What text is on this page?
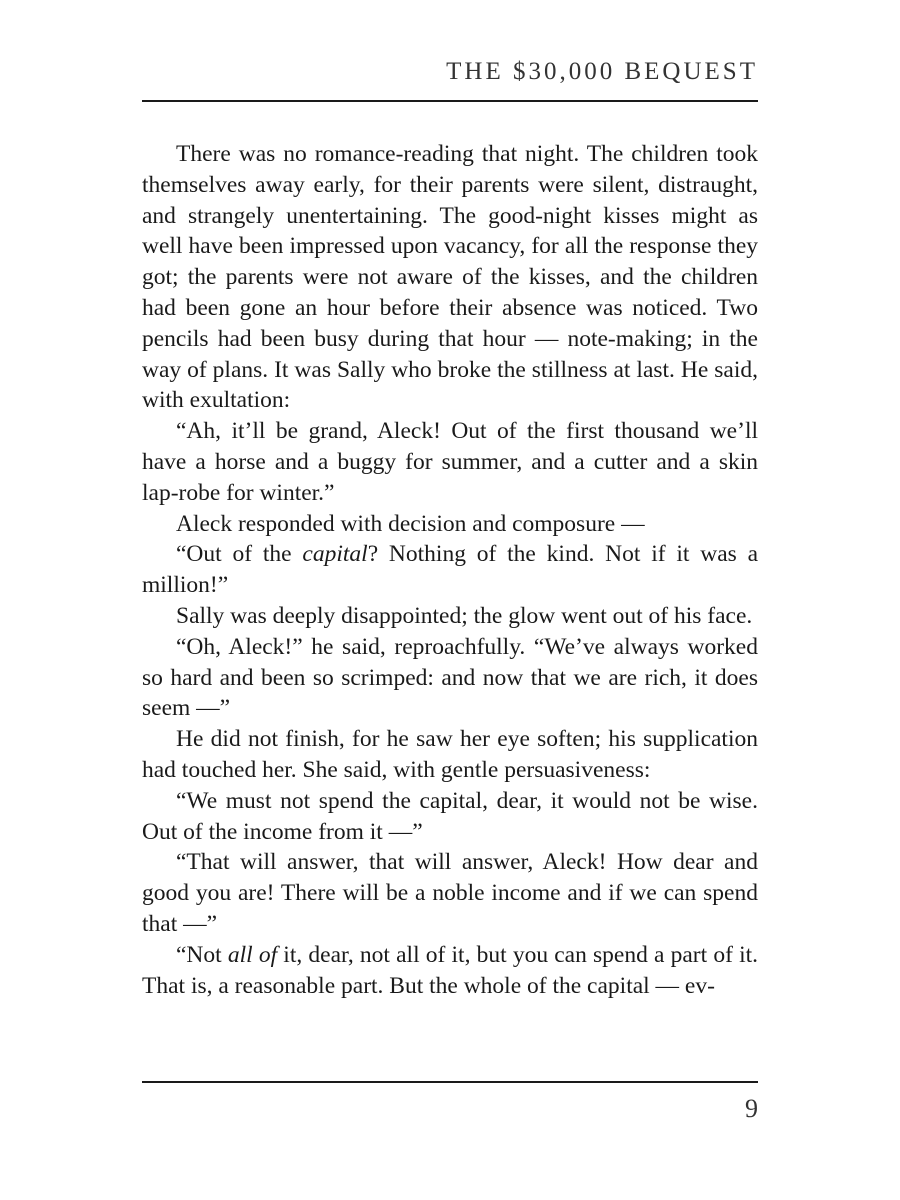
THE $30,000 BEQUEST

There was no romance-reading that night. The children took themselves away early, for their parents were silent, distraught, and strangely unentertaining. The good-night kisses might as well have been impressed upon vacancy, for all the response they got; the parents were not aware of the kisses, and the children had been gone an hour before their absence was noticed. Two pencils had been busy during that hour — note-making; in the way of plans. It was Sally who broke the stillness at last. He said, with exultation:

“Ah, it’ll be grand, Aleck! Out of the first thousand we’ll have a horse and a buggy for summer, and a cutter and a skin lap-robe for winter.”

Aleck responded with decision and composure —

“Out of the capital? Nothing of the kind. Not if it was a million!”

Sally was deeply disappointed; the glow went out of his face.

“Oh, Aleck!” he said, reproachfully. “We’ve always worked so hard and been so scrimped: and now that we are rich, it does seem —”

He did not finish, for he saw her eye soften; his supplication had touched her. She said, with gentle persuasiveness:

“We must not spend the capital, dear, it would not be wise. Out of the income from it —”

“That will answer, that will answer, Aleck! How dear and good you are! There will be a noble income and if we can spend that —”

“Not all of it, dear, not all of it, but you can spend a part of it. That is, a reasonable part. But the whole of the capital — ev-

9
